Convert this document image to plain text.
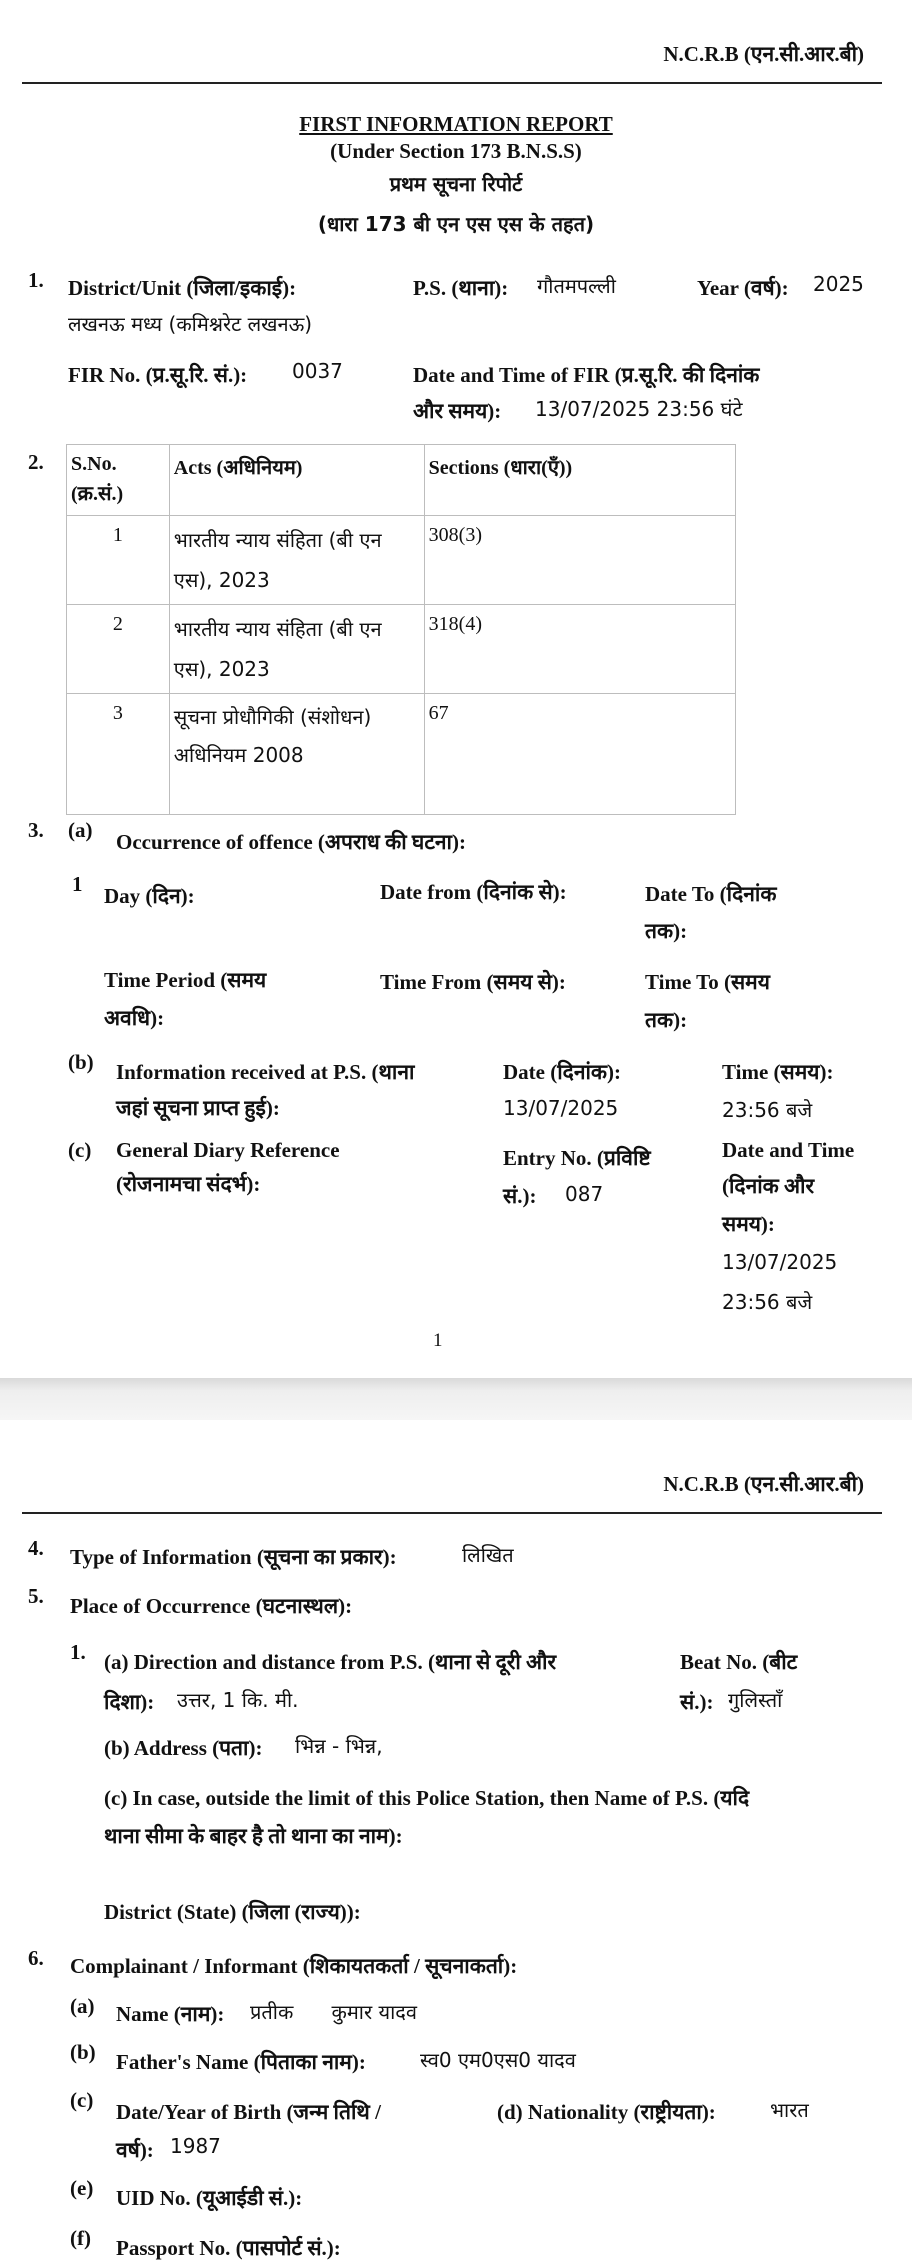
N.C.R.B (एन.सी.आर.बी)
FIRST INFORMATION REPORT
(Under Section 173 B.N.S.S)
प्रथम सूचना रिपोर्ट
(धारा 173 बी एन एस एस के तहत)
1. District/Unit (जिला/इकाई):
लखनऊ मध्य (कमिश्नरेट लखनऊ)
P.S. (थाना): गौतमपल्ली	Year (वर्ष): 2025
FIR No. (प्र.सू.रि. सं.): 0037	Date and Time of FIR (प्र.सू.रि. की दिनांक
और समय): 13/07/2025 23:56 घंटे
2. S.No. (क्र.सं.)	Acts (अधिनियम)	Sections (धारा(एँ))
1	भारतीय न्याय संहिता (बी एन एस), 2023	308(3)
2	भारतीय न्याय संहिता (बी एन एस), 2023	318(4)
3	सूचना प्रोधौगिकी (संशोधन) अधिनियम 2008	67
3. (a) Occurrence of offence (अपराध की घटना):
1 Day (दिन):	Date from (दिनांक से):	Date To (दिनांक
तक):
Time Period (समय
अवधि):
Time From (समय से):	Time To (समय
तक):
(b) Information received at P.S. (थाना
जहां सूचना प्राप्त हुई):
Date (दिनांक):
13/07/2025
Time (समय):
23:56 बजे
(c) General Diary Reference
(रोजनामचा संदर्भ):
Entry No. (प्रविष्टि
सं.): 087
Date and Time
(दिनांक और
समय):
13/07/2025
23:56 बजे
1
N.C.R.B (एन.सी.आर.बी)
4. Type of Information (सूचना का प्रकार):	लिखित
5. Place of Occurrence (घटनास्थल):
1. (a) Direction and distance from P.S. (थाना से दूरी और
दिशा): उत्तर, 1 कि. मी.
Beat No. (बीट
सं.): गुलिस्ताँ
(b) Address (पता): भिन्न - भिन्न,
(c) In case, outside the limit of this Police Station, then Name of P.S. (यदि
थाना सीमा के बाहर है तो थाना का नाम):
District (State) (जिला (राज्य)):
6. Complainant / Informant (शिकायतकर्ता / सूचनाकर्ता):
(a) Name (नाम): प्रतीक      कुमार यादव
(b) Father's Name (पिताका नाम):	स्व0 एम0एस0 यादव
(c) Date/Year of Birth (जन्म तिथि /
वर्ष): 1987
(d) Nationality (राष्ट्रीयता):	भारत
(e) UID No. (यूआईडी सं.):
(f) Passport No. (पासपोर्ट सं.):
